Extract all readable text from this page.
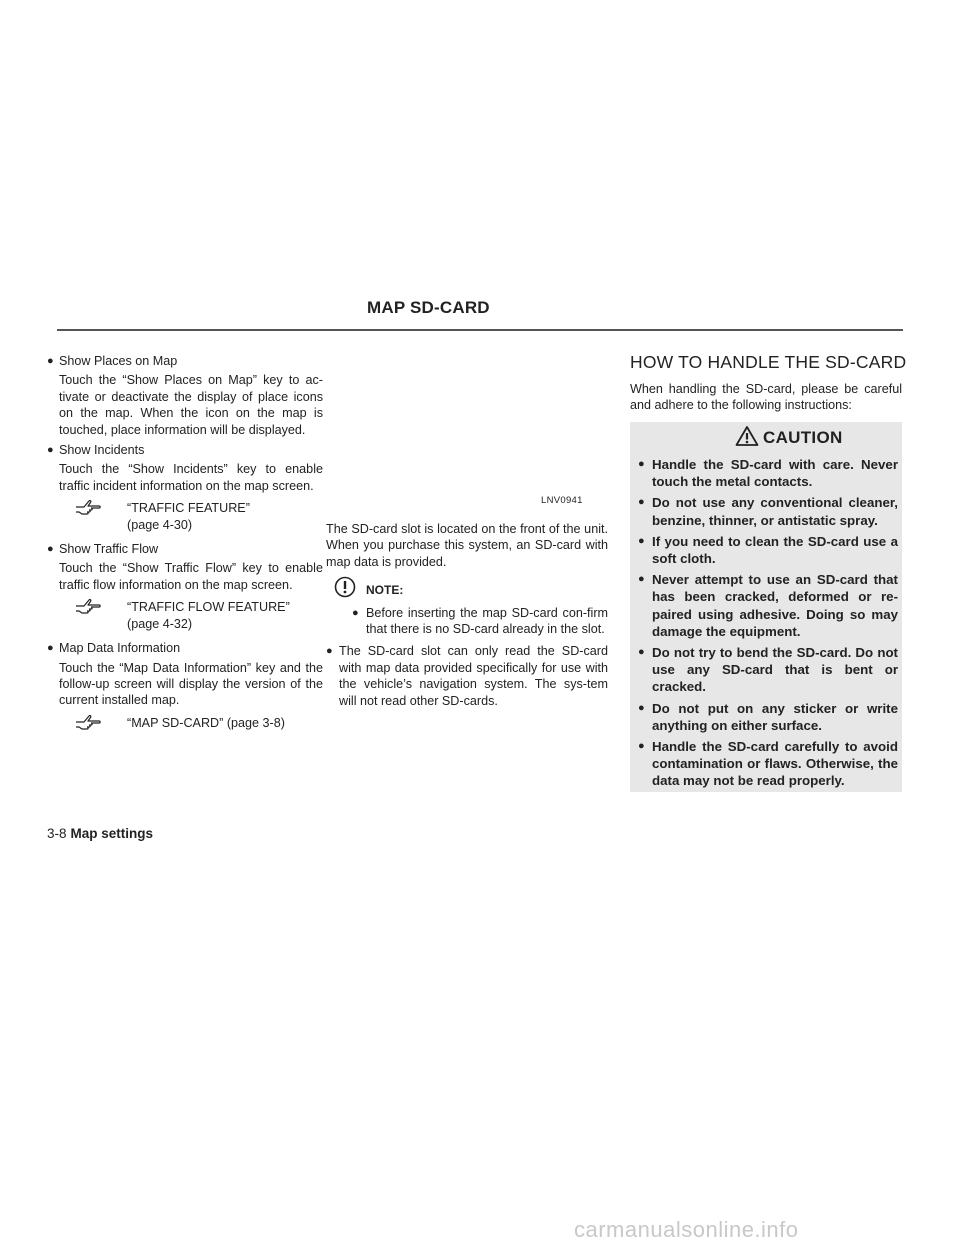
MAP SD-CARD
● Show Places on Map
Touch the “Show Places on Map” key to ac-tivate or deactivate the display of place icons on the map. When the icon on the map is touched, place information will be displayed.
● Show Incidents
Touch the “Show Incidents” key to enable traffic incident information on the map screen.
“TRAFFIC FEATURE”
(page 4-30)
● Show Traffic Flow
Touch the “Show Traffic Flow” key to enable traffic flow information on the map screen.
“TRAFFIC FLOW FEATURE”
(page 4-32)
● Map Data Information
Touch the “Map Data Information” key and the follow-up screen will display the version of the current installed map.
“MAP SD-CARD” (page 3-8)
LNV0941
The SD-card slot is located on the front of the unit. When you purchase this system, an SD-card with map data is provided.
NOTE:
● Before inserting the map SD-card con-firm that there is no SD-card already in the slot.
● The SD-card slot can only read the SD-card with map data provided specifically for use with the vehicle’s navigation system. The sys-tem will not read other SD-cards.
HOW TO HANDLE THE SD-CARD
When handling the SD-card, please be careful and adhere to the following instructions:
CAUTION
● Handle the SD-card with care. Never touch the metal contacts.
● Do not use any conventional cleaner, benzine, thinner, or antistatic spray.
● If you need to clean the SD-card use a soft cloth.
● Never attempt to use an SD-card that has been cracked, deformed or re-paired using adhesive. Doing so may damage the equipment.
● Do not try to bend the SD-card. Do not use any SD-card that is bent or cracked.
● Do not put on any sticker or write anything on either surface.
● Handle the SD-card carefully to avoid contamination or flaws. Otherwise, the data may not be read properly.
3-8 Map settings
carmanualsonline.info
